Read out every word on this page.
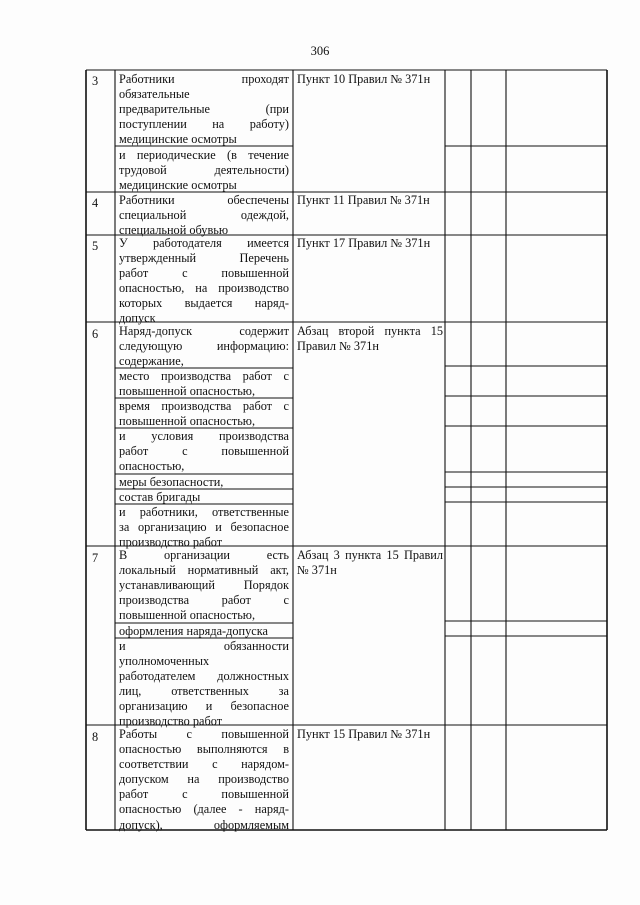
306
3 Работники проходят
обязательные
предварительные (при
поступлении на работу)
медицинские осмотры
и периодические (в течение
трудовой деятельности)
медицинские осмотры
Пункт 10 Правил № 371н
4 Работники обеспечены
специальной одеждой,
специальной обувью
Пункт 11 Правил № 371н
5 У работодателя имеется
утвержденный Перечень
работ с повышенной
опасностью, на производство
которых выдается наряд-
допуск
Пункт 17 Правил № 371н
6 Наряд-допуск содержит
следующую информацию:
содержание,
место производства работ с
повышенной опасностью,
время производства работ с
повышенной опасностью,
и условия производства
работ с повышенной
опасностью,
меры безопасности,
состав бригады
и работники, ответственные
за организацию и безопасное
производство работ
Абзац второй пункта 15
Правил № 371н
7 В организации есть
локальный нормативный акт,
устанавливающий Порядок
производства работ с
повышенной опасностью,
оформления наряда-допуска
и обязанности
уполномоченных
работодателем должностных
лиц, ответственных за
организацию и безопасное
производство работ
Абзац 3 пункта 15 Правил
№ 371н
8 Работы с повышенной
опасностью выполняются в
соответствии с нарядом-
допуском на производство
работ с повышенной
опасностью (далее - наряд-
допуск), оформляемым
Пункт 15 Правил № 371н
